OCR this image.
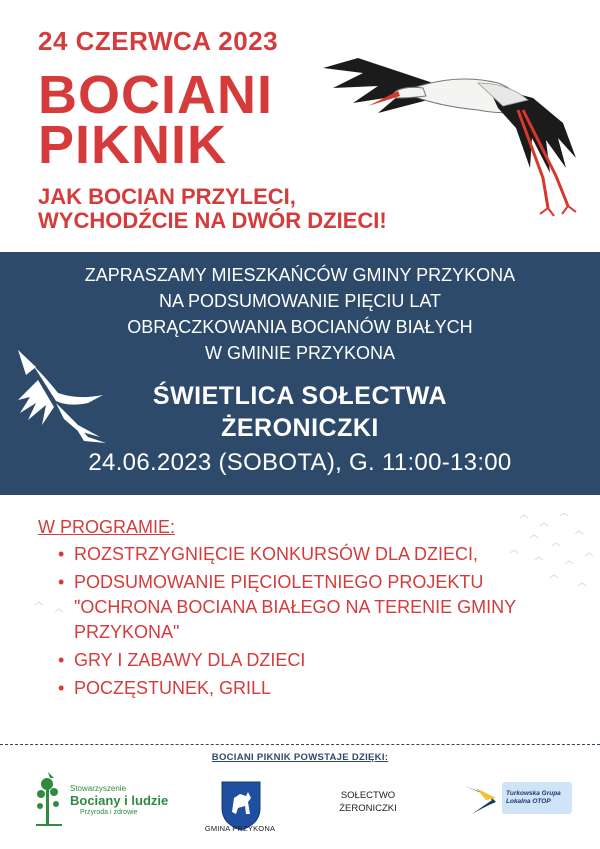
24 CZERWCA 2023
BOCIANI
PIKNIK
JAK BOCIAN PRZYLECI,
WYCHODŹCIE NA DWÓR DZIECI!
ZAPRASZAMY MIESZKAŃCÓW GMINY PRZYKONA
NA PODSUMOWANIE PIĘCIU LAT
OBRĄCZKOWANIA BOCIANÓW BIAŁYCH
W GMINIE PRZYKONA
ŚWIETLICA SOŁECTWA
ŻERONICZKI
24.06.2023 (SOBOTA), G. 11:00-13:00
W PROGRAMIE:
• ROZSTRZYGNIĘCIE KONKURSÓW DLA DZIECI,
• PODSUMOWANIE PIĘCIOLETNIEGO PROJEKTU "OCHRONA BOCIANA BIAŁEGO NA TERENIE GMINY PRZYKONA"
• GRY I ZABAWY DLA DZIECI
• POCZĘSTUNEK, GRILL
BOCIANI PIKNIK POWSTAJE DZIĘKI:
Stowarzyszenie
Bociany i ludzie
Przyroda i zdrowie
GMINA PRZYKONA
SOŁECTWO
ŻERONICZKI
Turkowska Grupa
Lokalna OTOP
